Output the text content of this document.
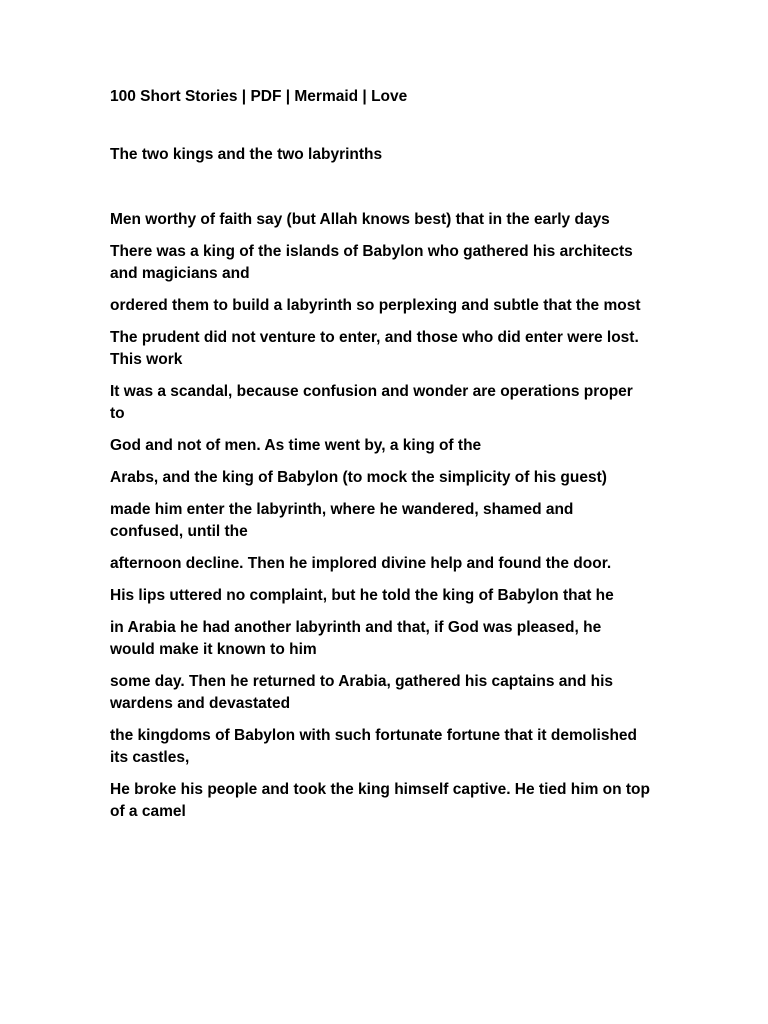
100 Short Stories | PDF | Mermaid | Love
The two kings and the two labyrinths

Men worthy of faith say (but Allah knows best) that in the early days

There was a king of the islands of Babylon who gathered his architects and magicians and

ordered them to build a labyrinth so perplexing and subtle that the most

The prudent did not venture to enter, and those who did enter were lost. This work

It was a scandal, because confusion and wonder are operations proper to

God and not of men. As time went by, a king of the

Arabs, and the king of Babylon (to mock the simplicity of his guest)

made him enter the labyrinth, where he wandered, shamed and confused, until the

afternoon decline. Then he implored divine help and found the door.

His lips uttered no complaint, but he told the king of Babylon that he

in Arabia he had another labyrinth and that, if God was pleased, he would make it known to him

some day. Then he returned to Arabia, gathered his captains and his wardens and devastated

the kingdoms of Babylon with such fortunate fortune that it demolished its castles,

He broke his people and took the king himself captive. He tied him on top of a camel
